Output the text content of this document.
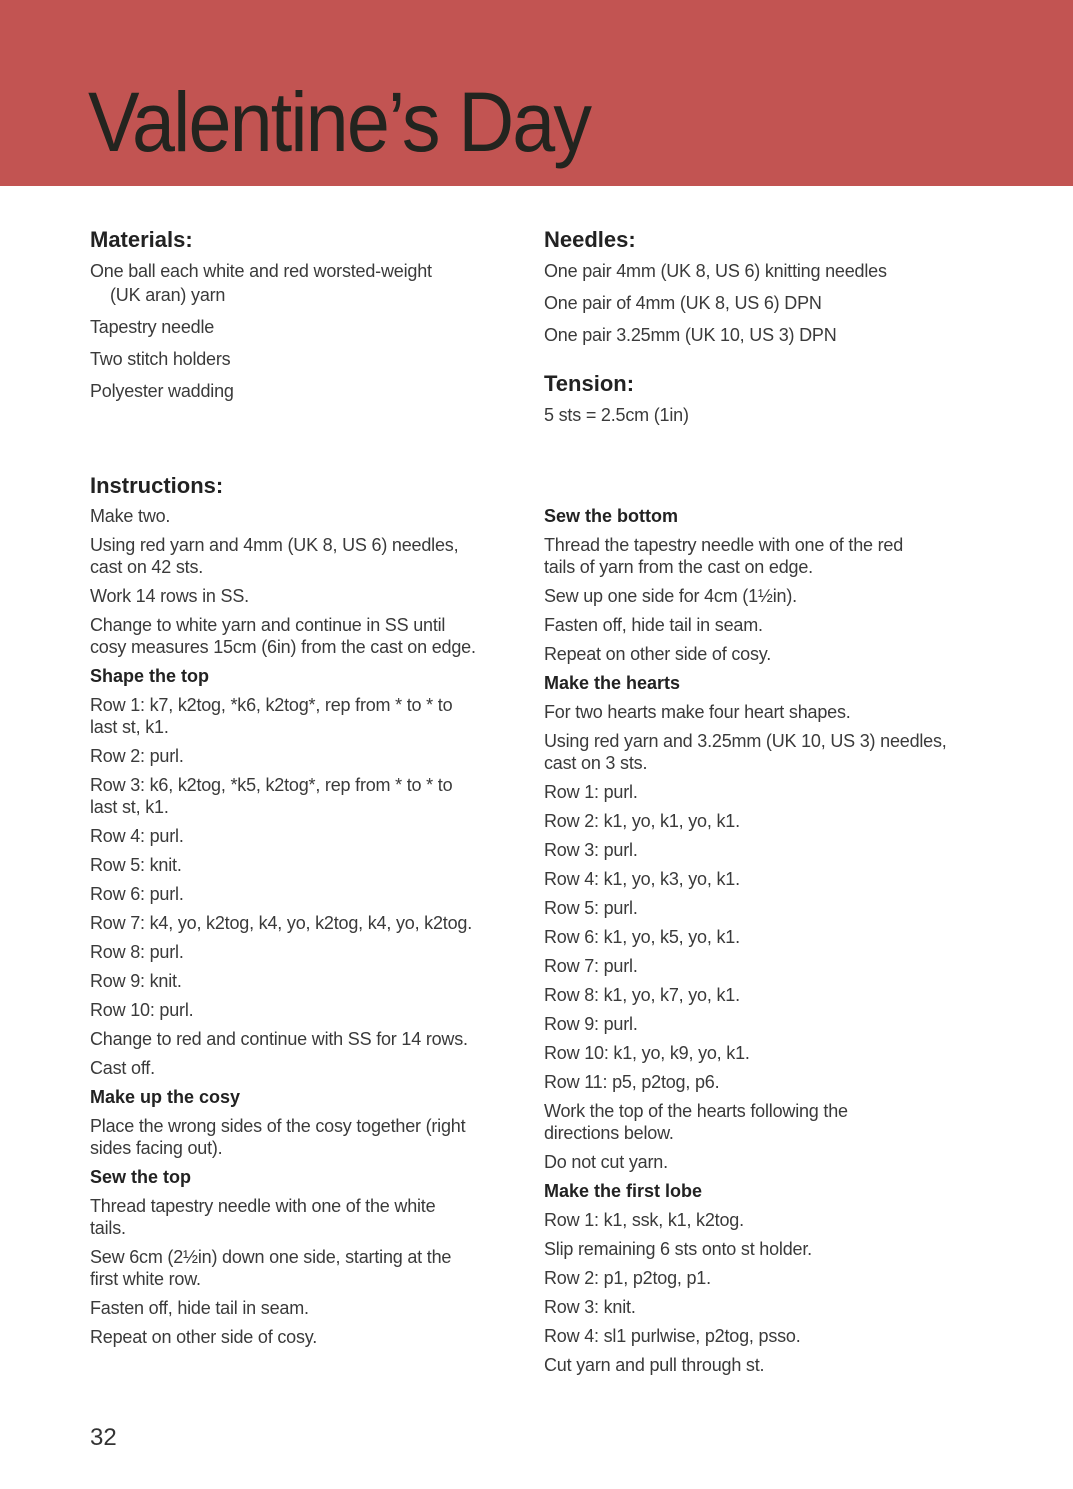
Valentine’s Day
Materials:
One ball each white and red worsted-weight
(UK aran) yarn
Tapestry needle
Two stitch holders
Polyester wadding
Needles:
One pair 4mm (UK 8, US 6) knitting needles
One pair of 4mm (UK 8, US 6) DPN
One pair 3.25mm (UK 10, US 3) DPN
Tension:
5 sts = 2.5cm (1in)
Instructions:
Make two.
Using red yarn and 4mm (UK 8, US 6) needles,
cast on 42 sts.
Work 14 rows in SS.
Change to white yarn and continue in SS until
cosy measures 15cm (6in) from the cast on edge.
Shape the top
Row 1: k7, k2tog, *k6, k2tog*, rep from * to * to
last st, k1.
Row 2: purl.
Row 3: k6, k2tog, *k5, k2tog*, rep from * to * to
last st, k1.
Row 4: purl.
Row 5: knit.
Row 6: purl.
Row 7: k4, yo, k2tog, k4, yo, k2tog, k4, yo, k2tog.
Row 8: purl.
Row 9: knit.
Row 10: purl.
Change to red and continue with SS for 14 rows.
Cast off.
Make up the cosy
Place the wrong sides of the cosy together (right
sides facing out).
Sew the top
Thread tapestry needle with one of the white
tails.
Sew 6cm (2½in) down one side, starting at the
first white row.
Fasten off, hide tail in seam.
Repeat on other side of cosy.
Sew the bottom
Thread the tapestry needle with one of the red
tails of yarn from the cast on edge.
Sew up one side for 4cm (1½in).
Fasten off, hide tail in seam.
Repeat on other side of cosy.
Make the hearts
For two hearts make four heart shapes.
Using red yarn and 3.25mm (UK 10, US 3) needles,
cast on 3 sts.
Row 1: purl.
Row 2: k1, yo, k1, yo, k1.
Row 3: purl.
Row 4: k1, yo, k3, yo, k1.
Row 5: purl.
Row 6: k1, yo, k5, yo, k1.
Row 7: purl.
Row 8: k1, yo, k7, yo, k1.
Row 9: purl.
Row 10: k1, yo, k9, yo, k1.
Row 11: p5, p2tog, p6.
Work the top of the hearts following the
directions below.
Do not cut yarn.
Make the first lobe
Row 1: k1, ssk, k1, k2tog.
Slip remaining 6 sts onto st holder.
Row 2: p1, p2tog, p1.
Row 3: knit.
Row 4: sl1 purlwise, p2tog, psso.
Cut yarn and pull through st.
32
